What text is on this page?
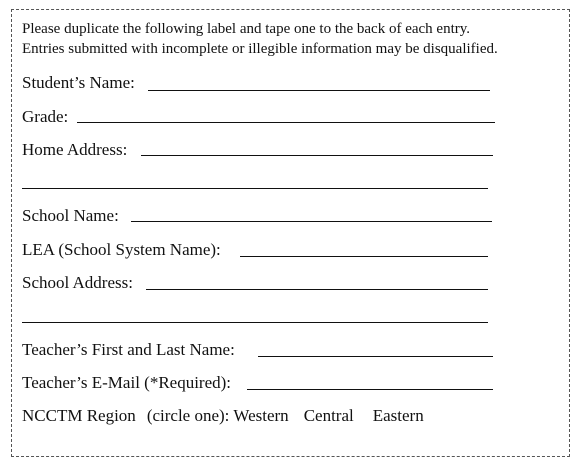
Please duplicate the following label and tape one to the back of each entry.
Entries submitted with incomplete or illegible information may be disqualified.
Student’s Name:
Grade:
Home Address:
School Name:
LEA (School System Name):
School Address:
Teacher’s First and Last Name:
Teacher’s E-Mail (*Required):
NCCTM Region (circle one): Western Central Eastern
